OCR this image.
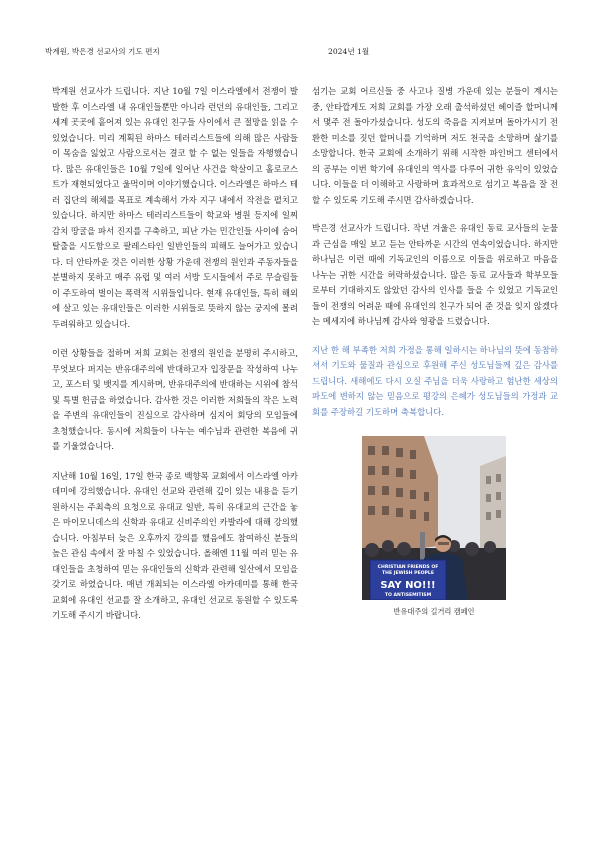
박계원, 박은경 선교사의 기도 편지	2024년 1월

박계원 선교사가 드립니다. 지난 10월 7일 이스라엘에서 전쟁이 발발한 후 이스라엘 내 유대인들뿐만 아니라 런던의 유대인들, 그리고 세계 곳곳에 흩어져 있는 유대인 친구들 사이에서 큰 절망을 읽을 수 있었습니다. 미리 계획된 하마스 테러리스트들에 의해 많은 사람들이 목숨을 잃었고 사람으로서는 결코 할 수 없는 일들을 자행했습니다. 많은 유대인들은 10월 7일에 일어난 사건을 학살이고 홀로코스트가 재현되었다고 울먹이며 이야기했습니다. 이스라엘은 하마스 테러 집단의 해체를 목표로 계속해서 가자 지구 내에서 작전을 펼치고 있습니다. 하지만 하마스 테러리스트들이 학교와 병원 등지에 일찌감치 땅굴을 파서 진지를 구축하고, 피난 가는 민간인들 사이에 숨어 탈출을 시도함으로 팔레스타인 일반인들의 피해도 늘어가고 있습니다. 더 안타까운 것은 이러한 상황 가운데 전쟁의 원인과 주동자들을 분별하지 못하고 매주 유럽 및 여러 서방 도시들에서 주로 무슬림들이 주도하여 벌이는 폭력적 시위들입니다. 현재 유대인들, 특히 해외에 살고 있는 유대인들은 이러한 시위들로 뜻하지 않는 궁지에 몰려 두려워하고 있습니다.

이런 상황들을 접하며 저희 교회는 전쟁의 원인을 분명히 주시하고, 무엇보다 퍼지는 반유대주의에 반대하고자 입장문을 작성하여 나누고, 포스터 및 뱃지를 게시하며, 반유대주의에 반대하는 시위에 참석 및 특별 헌금을 하였습니다. 감사한 것은 이러한 저희들의 작은 노력을 주변의 유대인들이 진심으로 감사하며 심지어 회당의 모임들에 초청했습니다. 동시에 저희들이 나누는 예수님과 관련한 복음에 귀를 기울였습니다.

지난해 10월 16일, 17일 한국 종로 백향목 교회에서 이스라엘 아카데미에 강의했습니다. 유대인 선교와 관련해 깊이 있는 내용을 듣기 원하시는 주최측의 요청으로 유대교 일반, 특히 유대교의 근간을 놓은 마이모니데스의 신학과 유대교 신비주의인 카발라에 대해 강의했습니다. 아침부터 늦은 오후까지 강의를 했음에도 참여하신 분들의 높은 관심 속에서 잘 마칠 수 있었습니다. 올해엔 11월 여러 믿는 유대인들을 초청하여 믿는 유대인들의 신학과 관련해 일산에서 모임을 갖기로 하였습니다. 매년 개최되는 이스라엘 아카데미를 통해 한국 교회에 유대인 선교를 잘 소개하고, 유대인 선교로 동원할 수 있도록 기도해 주시기 바랍니다.

섬기는 교회 어르신들 중 사고나 질병 가운데 있는 분들이 계시는 중, 안타깝게도 저희 교회를 가장 오래 출석하셨던 헤이즐 할머니께서 몇주 전 돌아가셨습니다. 성도의 죽음을 지켜보며 돌아가시기 전 환한 미소를 짓던 할머니를 기억하며 저도 천국을 소망하며 삶기를 소망합니다. 한국 교회에 소개하기 위해 시작한 파인버그 센터에서의 공부는 이번 학기에 유대인의 역사를 다루어 귀한 유익이 있었습니다. 이들을 더 이해하고 사랑하며 효과적으로 섬기고 복음을 잘 전할 수 있도록 기도해 주시면 감사하겠습니다.

박은경 선교사가 드립니다. 작년 겨울은 유대인 동료 교사들의 눈물과 근심을 매일 보고 듣는 안타까운 시간의 연속이었습니다. 하지만 하나님은 이런 때에 기독교인의 이름으로 이들을 위로하고 마음을 나누는 귀한 시간을 허락하셨습니다. 많은 동료 교사들과 학부모들로부터 기대하지도 않았던 감사의 인사를 들을 수 있었고 기독교인들이 전쟁의 어려운 때에 유대인의 친구가 되어 준 것을 잊지 않겠다는 메세지에 하나님께 감사와 영광을 드렸습니다.

지난 한 해 부족한 저희 가정을 통해 일하시는 하나님의 뜻에 동참하셔서 기도와 물질과 관심으로 후원해 주신 성도님들께 깊은 감사를 드립니다. 새해에도 다시 오실 주님을 더욱 사랑하고 험난한 세상의 파도에 변하지 않는 믿음으로 평강의 은혜가 성도님들의 가정과 교회를 주장하길 기도하며 축복합니다.

CHRISTIAN FRIENDS OF
THE JEWISH PEOPLE
SAY NO!!!
TO ANTISEMITISM
반유대주의 길거리 캠페인
